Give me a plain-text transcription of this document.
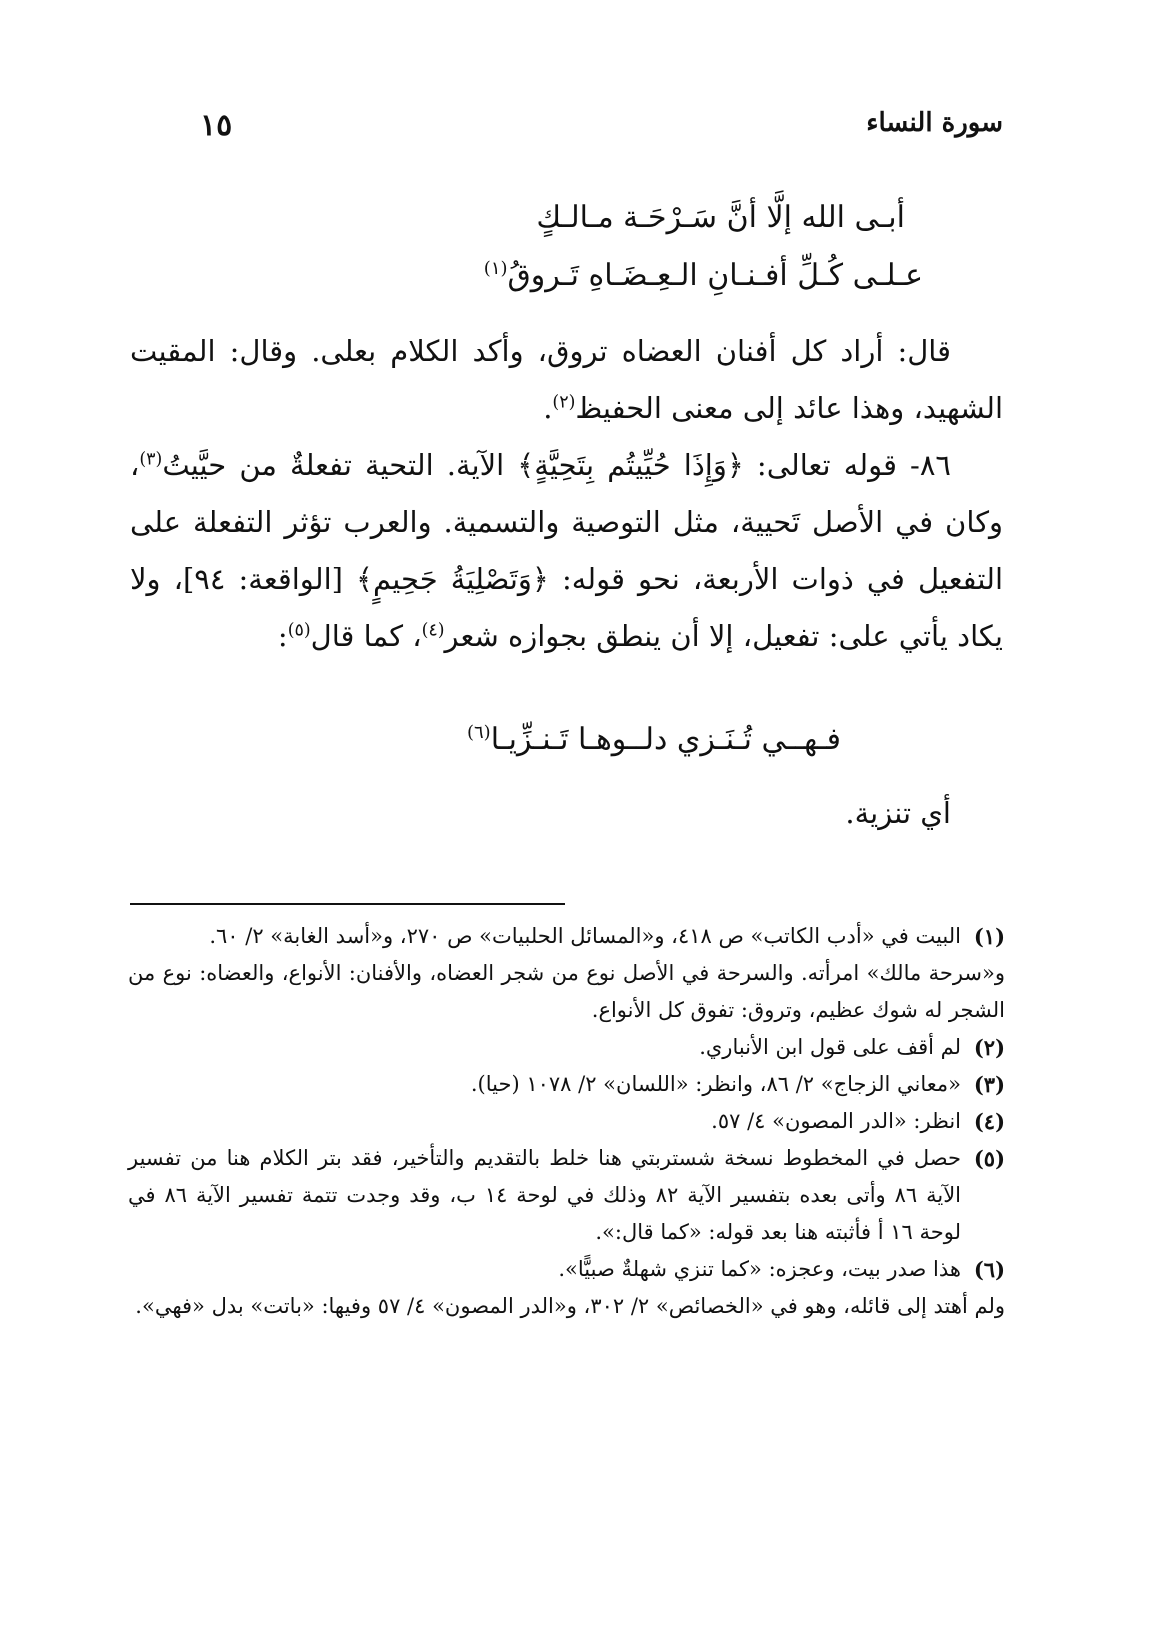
سورة النساء
١٥
أبـى الله إلَّا أنَّ سَـرْحَـة مـالـكٍ
عـلـى كُـلِّ أفـنـانِ الـعِـضَـاهِ تَـروقُ$^{(١)}$

قال: أراد كل أفنان العضاه تروق، وأكد الكلام بعلى. وقال: المقيت الشهيد، وهذا عائد إلى معنى الحفيظ$^{(٢)}$.

٨٦- قوله تعالى: ﴿وَإِذَا حُيِّيتُم بِتَحِيَّةٍ﴾ الآية. التحية تفعلةٌ من حيَّيتُ$^{(٣)}$، وكان في الأصل تَحيية، مثل التوصية والتسمية. والعرب تؤثر التفعلة على التفعيل في ذوات الأربعة، نحو قوله: ﴿وَتَصْلِيَةُ جَحِيمٍ﴾ [الواقعة: ٩٤]، ولا يكاد يأتي على: تفعيل، إلا أن ينطق بجوازه شعر$^{(٤)}$، كما قال$^{(٥)}$:

فـهــي تُـنَـزي دلــوهـا تَـنـزِّيـا$^{(٦)}$

أي تنزية.

(١)
البيت في «أدب الكاتب» ص ٤١٨، و«المسائل الحلبيات» ص ٢٧٠، و«أسد الغابة» ٢/ ٦٠.
و«سرحة مالك» امرأته. والسرحة في الأصل نوع من شجر العضاه، والأفنان: الأنواع، والعضاه: نوع من الشجر له شوك عظيم، وتروق: تفوق كل الأنواع.
(٢)
لم أقف على قول ابن الأنباري.
(٣)
«معاني الزجاج» ٢/ ٨٦، وانظر: «اللسان» ٢/ ١٠٧٨ (حيا).
(٤)
انظر: «الدر المصون» ٤/ ٥٧.
(٥)
حصل في المخطوط نسخة شستربتي هنا خلط بالتقديم والتأخير، فقد بتر الكلام هنا من تفسير الآية ٨٦ وأتى بعده بتفسير الآية ٨٢ وذلك في لوحة ١٤ ب، وقد وجدت تتمة تفسير الآية ٨٦ في لوحة ١٦ أ فأثبته هنا بعد قوله: «كما قال:».
(٦)
هذا صدر بيت، وعجزه: «كما تنزي شهلةٌ صبيًّا».
ولم أهتد إلى قائله، وهو في «الخصائص» ٢/ ٣٠٢، و«الدر المصون» ٤/ ٥٧ وفيها: «باتت» بدل «فهي».
